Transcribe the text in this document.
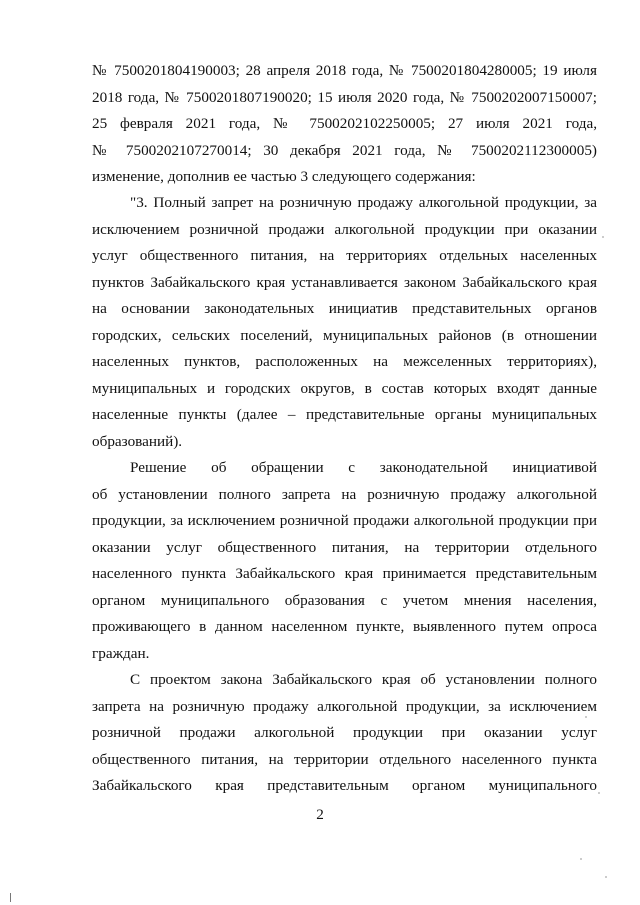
№ 7500201804190003; 28 апреля 2018 года, № 7500201804280005; 19 июля
2018 года, № 7500201807190020; 15 июля 2020 года, № 7500202007150007;
25 февраля 2021 года, № 7500202102250005; 27 июля 2021 года,
№ 7500202107270014; 30 декабря 2021 года, № 7500202112300005)
изменение, дополнив ее частью 3 следующего содержания:
"3. Полный запрет на розничную продажу алкогольной продукции, за
исключением розничной продажи алкогольной продукции при оказании
услуг общественного питания, на территориях отдельных населенных
пунктов Забайкальского края устанавливается законом Забайкальского края
на основании законодательных инициатив представительных органов
городских, сельских поселений, муниципальных районов (в отношении
населенных пунктов, расположенных на межселенных территориях),
муниципальных и городских округов, в состав которых входят данные
населенные пункты (далее – представительные органы муниципальных
образований).
Решение об обращении с законодательной инициативой
об установлении полного запрета на розничную продажу алкогольной
продукции, за исключением розничной продажи алкогольной продукции при
оказании услуг общественного питания, на территории отдельного
населенного пункта Забайкальского края принимается представительным
органом муниципального образования с учетом мнения населения,
проживающего в данном населенном пункте, выявленного путем опроса
граждан.
С проектом закона Забайкальского края об установлении полного
запрета на розничную продажу алкогольной продукции, за исключением
розничной продажи алкогольной продукции при оказании услуг
общественного питания, на территории отдельного населенного пункта
Забайкальского края представительным органом муниципального
2
